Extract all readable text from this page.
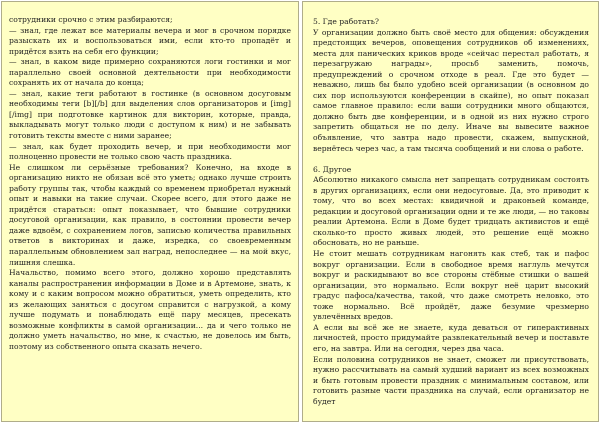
сотрудники срочно с этим разбираются;

— знал, где лежат все материалы вечера и мог в срочном порядке разыскать их и воспользоваться ими, если кто-то пропадёт и придётся взять на себя его функции;

— знал, в каком виде примерно сохраняются логи гостинки и мог параллельно своей основной деятельности при необходимости сохранять их от начала до конца;

— знал, какие теги работают в гостинке (в основном досуговым необходимы теги [b][/b] для выделения слов организаторов и [img][/img] при подготовке картинок для викторин, которые, правда, выкладывать могут только люди с доступом к ним) и не забывать готовить тексты вместе с ними заранее;

— знал, как будет проходить вечер, и при необходимости мог полноценно провести не только свою часть праздника.

Не слишком ли серьёзные требования? Конечно, на входе в организацию никто не обязан всё это уметь; однако лучше строить работу группы так, чтобы каждый со временем приобретал нужный опыт и навыки на такие случаи. Скорее всего, для этого даже не придётся стараться: опыт показывает, что бывшие сотрудники досуговой организации, как правило, в состоянии провести вечер даже вдвоём, с сохранением логов, записью количества правильных ответов в викторинах и даже, изредка, со своевременным параллельным обновлением зал наград, непоследнее — на мой вкус, лишняя слешка.

Начальство, помимо всего этого, должно хорошо представлять каналы распространения информации в Доме и в Артемоне, знать, к кому и с каким вопросом можно обратиться, уметь определить, кто из желающих заняться с досугом справится с нагрузкой, а кому лучше подумать и понаблюдать ещё пару месяцев, пресекать возможные конфликты в самой организации... да и чего только не должно уметь начальство, но мне, к счастью, не довелось им быть, поэтому из собственного опыта сказать нечего.

5. Где работать?

У организации должно быть своё место для общения: обсуждения предстоящих вечеров, оповещения сотрудников об изменениях, места для панических криков вроде «сейчас перестал работать, я перезагружаю награды», просьб заменить, помочь, предупреждений о срочном отходе в реал. Где это будет — неважно, лишь бы было удобно всей организации (в основном до сих пор используются конференции в скайпе), но опыт показал самое главное правило: если ваши сотрудники много общаются, должно быть две конференции, и в одной из них нужно строго запретить общаться не по делу. Иначе вы вывесите важное объявление, что завтра надо провести, скажем, выпускной, вернётесь через час, а там тысяча сообщений и ни слова о работе.

6. Другое

Абсолютно никакого смысла нет запрещать сотрудникам состоять в других организациях, если они недосуговые. Да, это приводит к тому, что во всех местах: квидичной и драконьей команде, редакции и досуговой организации одни и те же люди, — но таковы реалии Артемона. Если в Доме будет тридцать активистов и ещё сколько-то просто живых людей, это решение ещё можно обосновать, но не раньше.

Не стоит мешать сотрудникам нагонять как стеб, так и пафос вокруг организации. Если в свободное время наглуль мечутся вокруг и раскидывают во все стороны стёбные стишки о вашей организации, это нормально. Если вокруг неё царит высокий градус пафоса/качества, такой, что даже смотреть неловко, это тоже нормально. Всё пройдёт, даже безумие чрезмерно увлечённых вредов.

А если вы всё же не знаете, куда деваться от гиперактивных личностей, просто придумайте развлекательный вечер и поставьте его, на завтра. Или на сегодня, через два часа.

Если половина сотрудников не знает, сможет ли присутствовать, нужно рассчитывать на самый худший вариант из всех возможных и быть готовым провести праздник с минимальным составом, или готовить разные части праздника на случай, если организатор не будет
